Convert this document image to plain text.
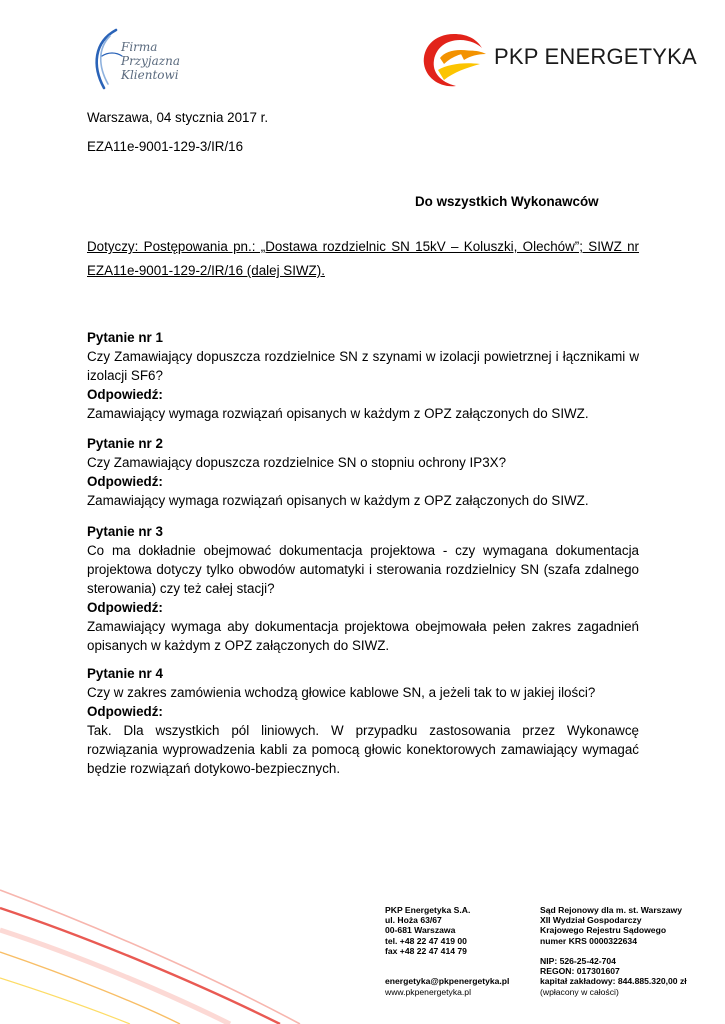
Firma
Przyjazna
Klientowi
PKP ENERGETYKA
Warszawa, 04 stycznia 2017 r.
EZA11e-9001-129-3/IR/16
Do wszystkich Wykonawców
Dotyczy: Postępowania pn.: „Dostawa rozdzielnic SN 15kV – Koluszki, Olechów”; SIWZ nr
EZA11e-9001-129-2/IR/16 (dalej SIWZ).
Pytanie nr 1
Czy Zamawiający dopuszcza rozdzielnice SN z szynami w izolacji powietrznej i łącznikami w izolacji SF6?
Odpowiedź:
Zamawiający wymaga rozwiązań opisanych w każdym z OPZ załączonych do SIWZ.
Pytanie nr 2
Czy Zamawiający dopuszcza rozdzielnice SN o stopniu ochrony IP3X?
Odpowiedź:
Zamawiający wymaga rozwiązań opisanych w każdym z OPZ załączonych do SIWZ.
Pytanie nr 3
Co ma dokładnie obejmować dokumentacja projektowa - czy wymagana dokumentacja projektowa dotyczy tylko obwodów automatyki i sterowania rozdzielnicy SN (szafa zdalnego sterowania) czy też całej stacji?
Odpowiedź:
Zamawiający wymaga aby dokumentacja projektowa obejmowała pełen zakres zagadnień opisanych w każdym z OPZ załączonych do SIWZ.
Pytanie nr 4
Czy w zakres zamówienia wchodzą głowice kablowe SN, a jeżeli tak to w jakiej ilości?
Odpowiedź:
Tak. Dla wszystkich pól liniowych. W przypadku zastosowania przez Wykonawcę rozwiązania wyprowadzenia kabli za pomocą głowic konektorowych zamawiający wymagać będzie rozwiązań dotykowo-bezpiecznych.
PKP Energetyka S.A.
ul. Hoża 63/67
00-681 Warszawa
tel. +48 22 47 419 00
fax +48 22 47 414 79
energetyka@pkpenergetyka.pl
www.pkpenergetyka.pl
Sąd Rejonowy dla m. st. Warszawy
XII Wydział Gospodarczy
Krajowego Rejestru Sądowego
numer KRS 0000322634
NIP: 526-25-42-704
REGON: 017301607
kapitał zakładowy: 844.885.320,00 zł
(wpłacony w całości)
